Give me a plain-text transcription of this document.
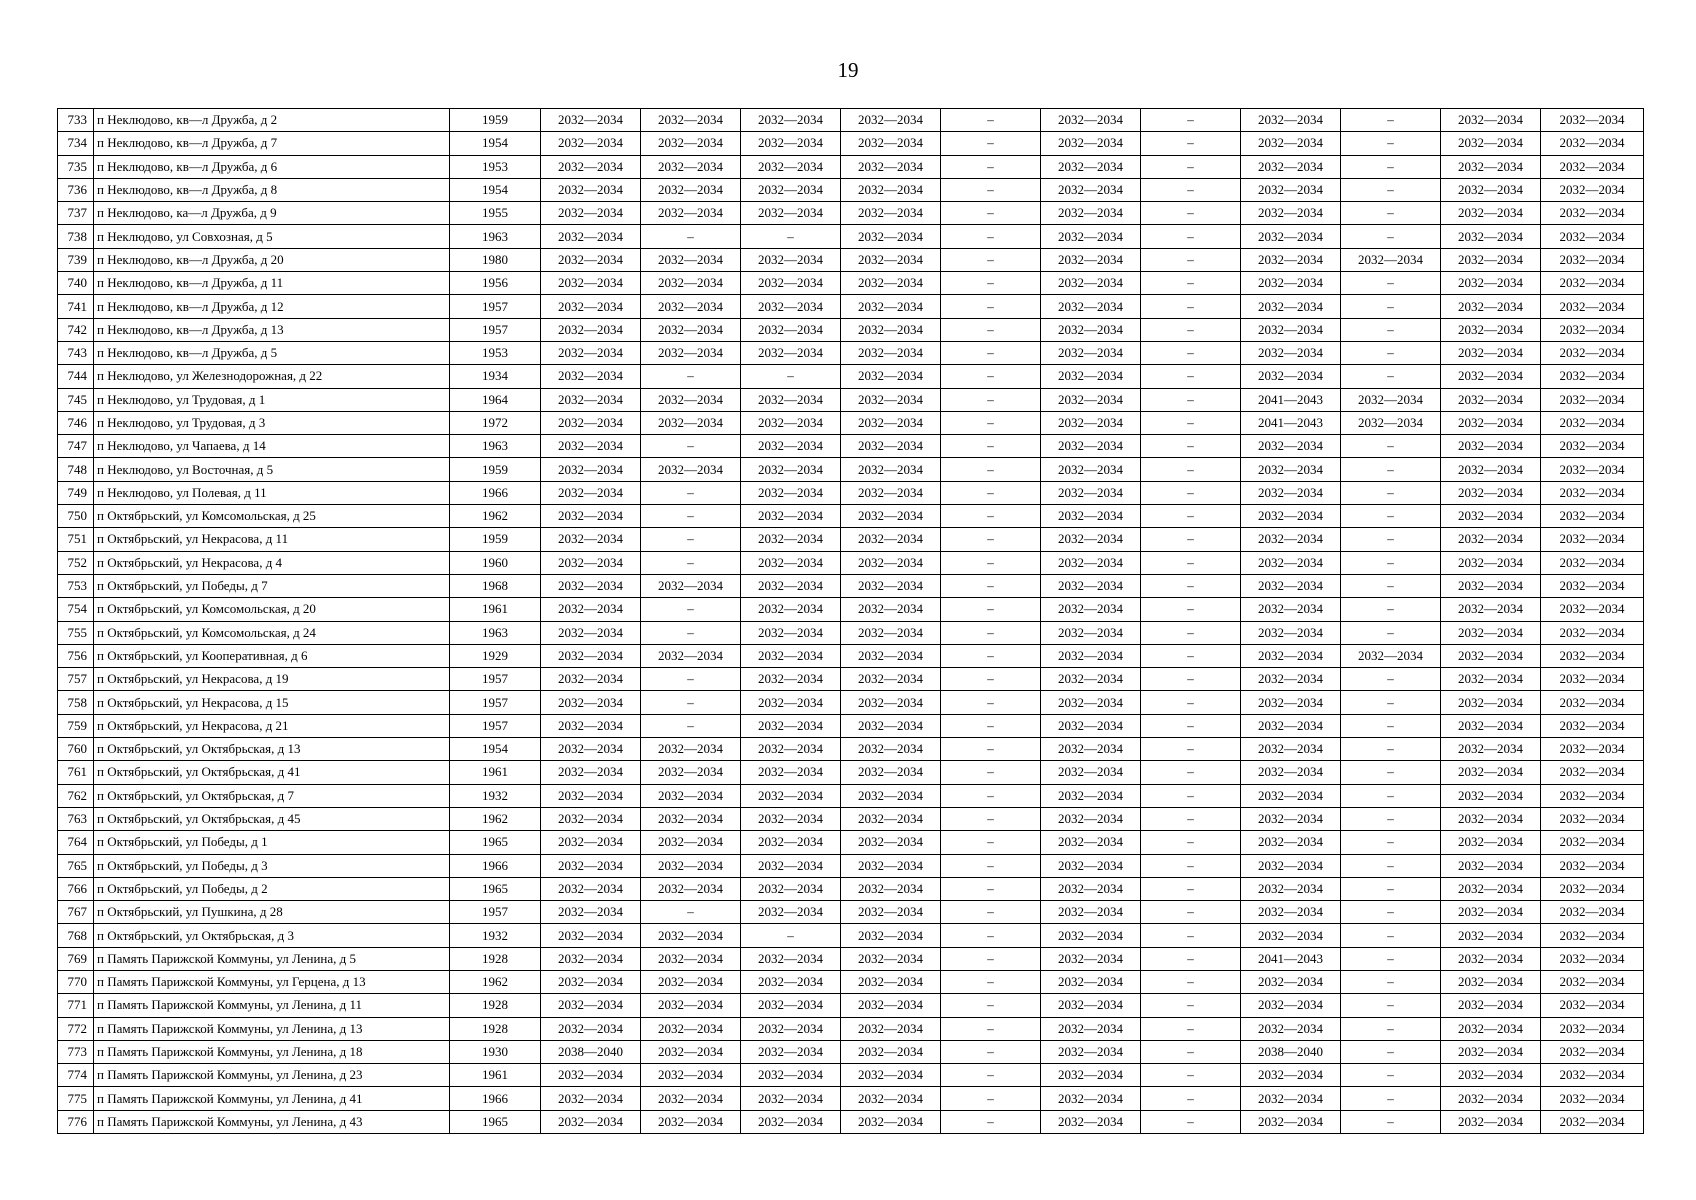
19
733	п Неклюдово, кв—л Дружба, д 2	1959	2032—2034	2032—2034	2032—2034	2032—2034	–	2032—2034	–	2032—2034	–	2032—2034	2032—2034
734	п Неклюдово, кв—л Дружба, д 7	1954	2032—2034	2032—2034	2032—2034	2032—2034	–	2032—2034	–	2032—2034	–	2032—2034	2032—2034
735	п Неклюдово, кв—л Дружба, д 6	1953	2032—2034	2032—2034	2032—2034	2032—2034	–	2032—2034	–	2032—2034	–	2032—2034	2032—2034
736	п Неклюдово, кв—л Дружба, д 8	1954	2032—2034	2032—2034	2032—2034	2032—2034	–	2032—2034	–	2032—2034	–	2032—2034	2032—2034
737	п Неклюдово, ка—л Дружба, д 9	1955	2032—2034	2032—2034	2032—2034	2032—2034	–	2032—2034	–	2032—2034	–	2032—2034	2032—2034
738	п Неклюдово, ул Совхозная, д 5	1963	2032—2034	–	–	2032—2034	–	2032—2034	–	2032—2034	–	2032—2034	2032—2034
739	п Неклюдово, кв—л Дружба, д 20	1980	2032—2034	2032—2034	2032—2034	2032—2034	–	2032—2034	–	2032—2034	2032—2034	2032—2034	2032—2034
740	п Неклюдово, кв—л Дружба, д 11	1956	2032—2034	2032—2034	2032—2034	2032—2034	–	2032—2034	–	2032—2034	–	2032—2034	2032—2034
741	п Неклюдово, кв—л Дружба, д 12	1957	2032—2034	2032—2034	2032—2034	2032—2034	–	2032—2034	–	2032—2034	–	2032—2034	2032—2034
742	п Неклюдово, кв—л Дружба, д 13	1957	2032—2034	2032—2034	2032—2034	2032—2034	–	2032—2034	–	2032—2034	–	2032—2034	2032—2034
743	п Неклюдово, кв—л Дружба, д 5	1953	2032—2034	2032—2034	2032—2034	2032—2034	–	2032—2034	–	2032—2034	–	2032—2034	2032—2034
744	п Неклюдово, ул Железнодорожная, д 22	1934	2032—2034	–	–	2032—2034	–	2032—2034	–	2032—2034	–	2032—2034	2032—2034
745	п Неклюдово, ул Трудовая, д 1	1964	2032—2034	2032—2034	2032—2034	2032—2034	–	2032—2034	–	2041—2043	2032—2034	2032—2034	2032—2034
746	п Неклюдово, ул Трудовая, д 3	1972	2032—2034	2032—2034	2032—2034	2032—2034	–	2032—2034	–	2041—2043	2032—2034	2032—2034	2032—2034
747	п Неклюдово, ул Чапаева, д 14	1963	2032—2034	–	2032—2034	2032—2034	–	2032—2034	–	2032—2034	–	2032—2034	2032—2034
748	п Неклюдово, ул Восточная, д 5	1959	2032—2034	2032—2034	2032—2034	2032—2034	–	2032—2034	–	2032—2034	–	2032—2034	2032—2034
749	п Неклюдово, ул Полевая, д 11	1966	2032—2034	–	2032—2034	2032—2034	–	2032—2034	–	2032—2034	–	2032—2034	2032—2034
750	п Октябрьский, ул Комсомольская, д 25	1962	2032—2034	–	2032—2034	2032—2034	–	2032—2034	–	2032—2034	–	2032—2034	2032—2034
751	п Октябрьский, ул Некрасова, д 11	1959	2032—2034	–	2032—2034	2032—2034	–	2032—2034	–	2032—2034	–	2032—2034	2032—2034
752	п Октябрьский, ул Некрасова, д 4	1960	2032—2034	–	2032—2034	2032—2034	–	2032—2034	–	2032—2034	–	2032—2034	2032—2034
753	п Октябрьский, ул Победы, д 7	1968	2032—2034	2032—2034	2032—2034	2032—2034	–	2032—2034	–	2032—2034	–	2032—2034	2032—2034
754	п Октябрьский, ул Комсомольская, д 20	1961	2032—2034	–	2032—2034	2032—2034	–	2032—2034	–	2032—2034	–	2032—2034	2032—2034
755	п Октябрьский, ул Комсомольская, д 24	1963	2032—2034	–	2032—2034	2032—2034	–	2032—2034	–	2032—2034	–	2032—2034	2032—2034
756	п Октябрьский, ул Кооперативная, д 6	1929	2032—2034	2032—2034	2032—2034	2032—2034	–	2032—2034	–	2032—2034	2032—2034	2032—2034	2032—2034
757	п Октябрьский, ул Некрасова, д 19	1957	2032—2034	–	2032—2034	2032—2034	–	2032—2034	–	2032—2034	–	2032—2034	2032—2034
758	п Октябрьский, ул Некрасова, д 15	1957	2032—2034	–	2032—2034	2032—2034	–	2032—2034	–	2032—2034	–	2032—2034	2032—2034
759	п Октябрьский, ул Некрасова, д 21	1957	2032—2034	–	2032—2034	2032—2034	–	2032—2034	–	2032—2034	–	2032—2034	2032—2034
760	п Октябрьский, ул Октябрьская, д 13	1954	2032—2034	2032—2034	2032—2034	2032—2034	–	2032—2034	–	2032—2034	–	2032—2034	2032—2034
761	п Октябрьский, ул Октябрьская, д 41	1961	2032—2034	2032—2034	2032—2034	2032—2034	–	2032—2034	–	2032—2034	–	2032—2034	2032—2034
762	п Октябрьский, ул Октябрьская, д 7	1932	2032—2034	2032—2034	2032—2034	2032—2034	–	2032—2034	–	2032—2034	–	2032—2034	2032—2034
763	п Октябрьский, ул Октябрьская, д 45	1962	2032—2034	2032—2034	2032—2034	2032—2034	–	2032—2034	–	2032—2034	–	2032—2034	2032—2034
764	п Октябрьский, ул Победы, д 1	1965	2032—2034	2032—2034	2032—2034	2032—2034	–	2032—2034	–	2032—2034	–	2032—2034	2032—2034
765	п Октябрьский, ул Победы, д 3	1966	2032—2034	2032—2034	2032—2034	2032—2034	–	2032—2034	–	2032—2034	–	2032—2034	2032—2034
766	п Октябрьский, ул Победы, д 2	1965	2032—2034	2032—2034	2032—2034	2032—2034	–	2032—2034	–	2032—2034	–	2032—2034	2032—2034
767	п Октябрьский, ул Пушкина, д 28	1957	2032—2034	–	2032—2034	2032—2034	–	2032—2034	–	2032—2034	–	2032—2034	2032—2034
768	п Октябрьский, ул Октябрьская, д 3	1932	2032—2034	2032—2034	–	2032—2034	–	2032—2034	–	2032—2034	–	2032—2034	2032—2034
769	п Память Парижской Коммуны, ул Ленина, д 5	1928	2032—2034	2032—2034	2032—2034	2032—2034	–	2032—2034	–	2041—2043	–	2032—2034	2032—2034
770	п Память Парижской Коммуны, ул Герцена, д 13	1962	2032—2034	2032—2034	2032—2034	2032—2034	–	2032—2034	–	2032—2034	–	2032—2034	2032—2034
771	п Память Парижской Коммуны, ул Ленина, д 11	1928	2032—2034	2032—2034	2032—2034	2032—2034	–	2032—2034	–	2032—2034	–	2032—2034	2032—2034
772	п Память Парижской Коммуны, ул Ленина, д 13	1928	2032—2034	2032—2034	2032—2034	2032—2034	–	2032—2034	–	2032—2034	–	2032—2034	2032—2034
773	п Память Парижской Коммуны, ул Ленина, д 18	1930	2038—2040	2032—2034	2032—2034	2032—2034	–	2032—2034	–	2038—2040	–	2032—2034	2032—2034
774	п Память Парижской Коммуны, ул Ленина, д 23	1961	2032—2034	2032—2034	2032—2034	2032—2034	–	2032—2034	–	2032—2034	–	2032—2034	2032—2034
775	п Память Парижской Коммуны, ул Ленина, д 41	1966	2032—2034	2032—2034	2032—2034	2032—2034	–	2032—2034	–	2032—2034	–	2032—2034	2032—2034
776	п Память Парижской Коммуны, ул Ленина, д 43	1965	2032—2034	2032—2034	2032—2034	2032—2034	–	2032—2034	–	2032—2034	–	2032—2034	2032—2034
